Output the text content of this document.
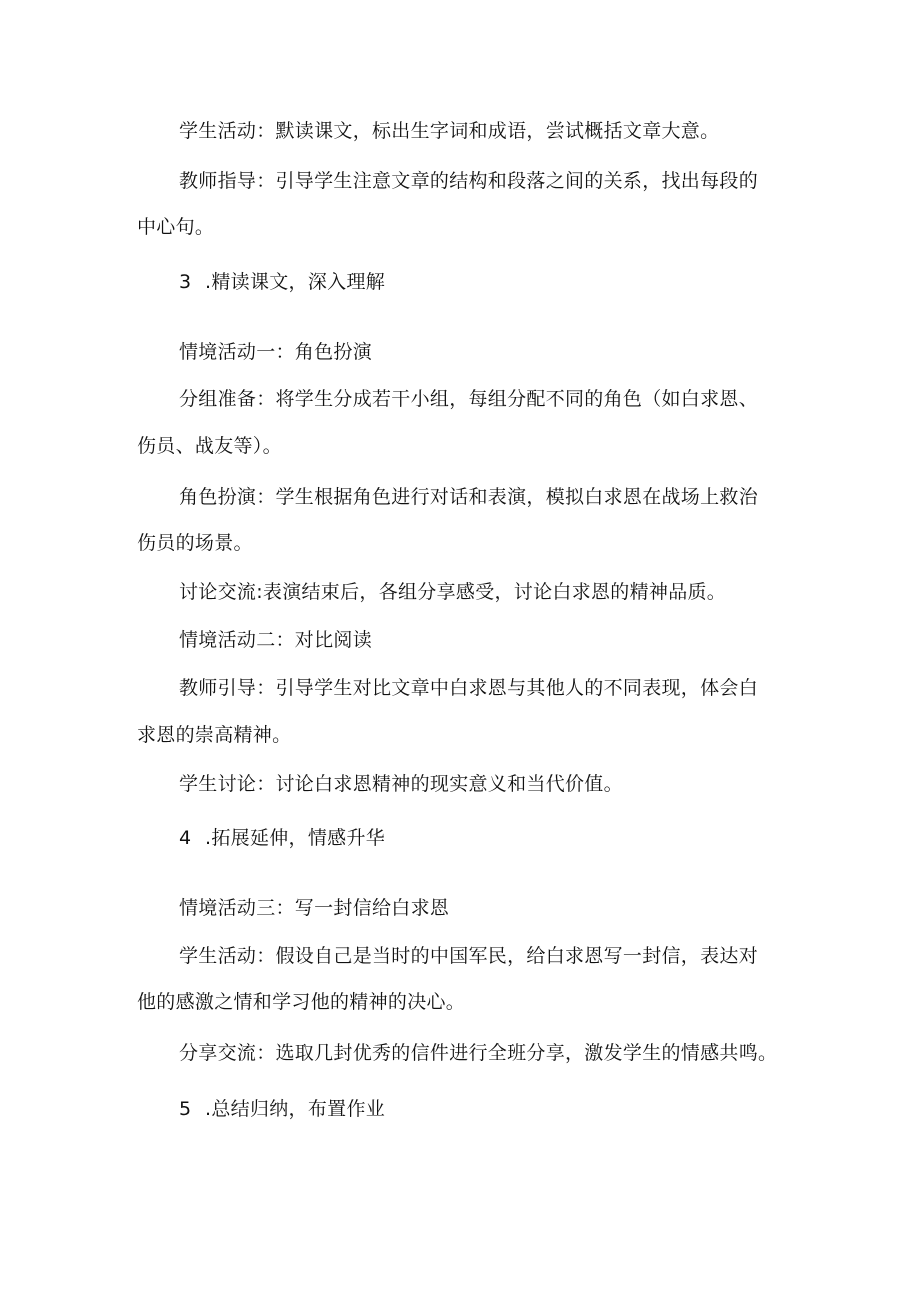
学生活动：默读课文，标出生字词和成语，尝试概括文章大意。
教师指导：引导学生注意文章的结构和段落之间的关系，找出每段的
中心句。
3 .精读课文，深入理解
情境活动一：角色扮演
分组准备：将学生分成若干小组，每组分配不同的角色（如白求恩、
伤员、战友等）。
角色扮演：学生根据角色进行对话和表演，模拟白求恩在战场上救治
伤员的场景。
讨论交流:表演结束后，各组分享感受，讨论白求恩的精神品质。
情境活动二：对比阅读
教师引导：引导学生对比文章中白求恩与其他人的不同表现，体会白
求恩的崇高精神。
学生讨论：讨论白求恩精神的现实意义和当代价值。
4 .拓展延伸，情感升华
情境活动三：写一封信给白求恩
学生活动：假设自己是当时的中国军民，给白求恩写一封信，表达对
他的感激之情和学习他的精神的决心。
分享交流：选取几封优秀的信件进行全班分享，激发学生的情感共鸣。
5 .总结归纳，布置作业
